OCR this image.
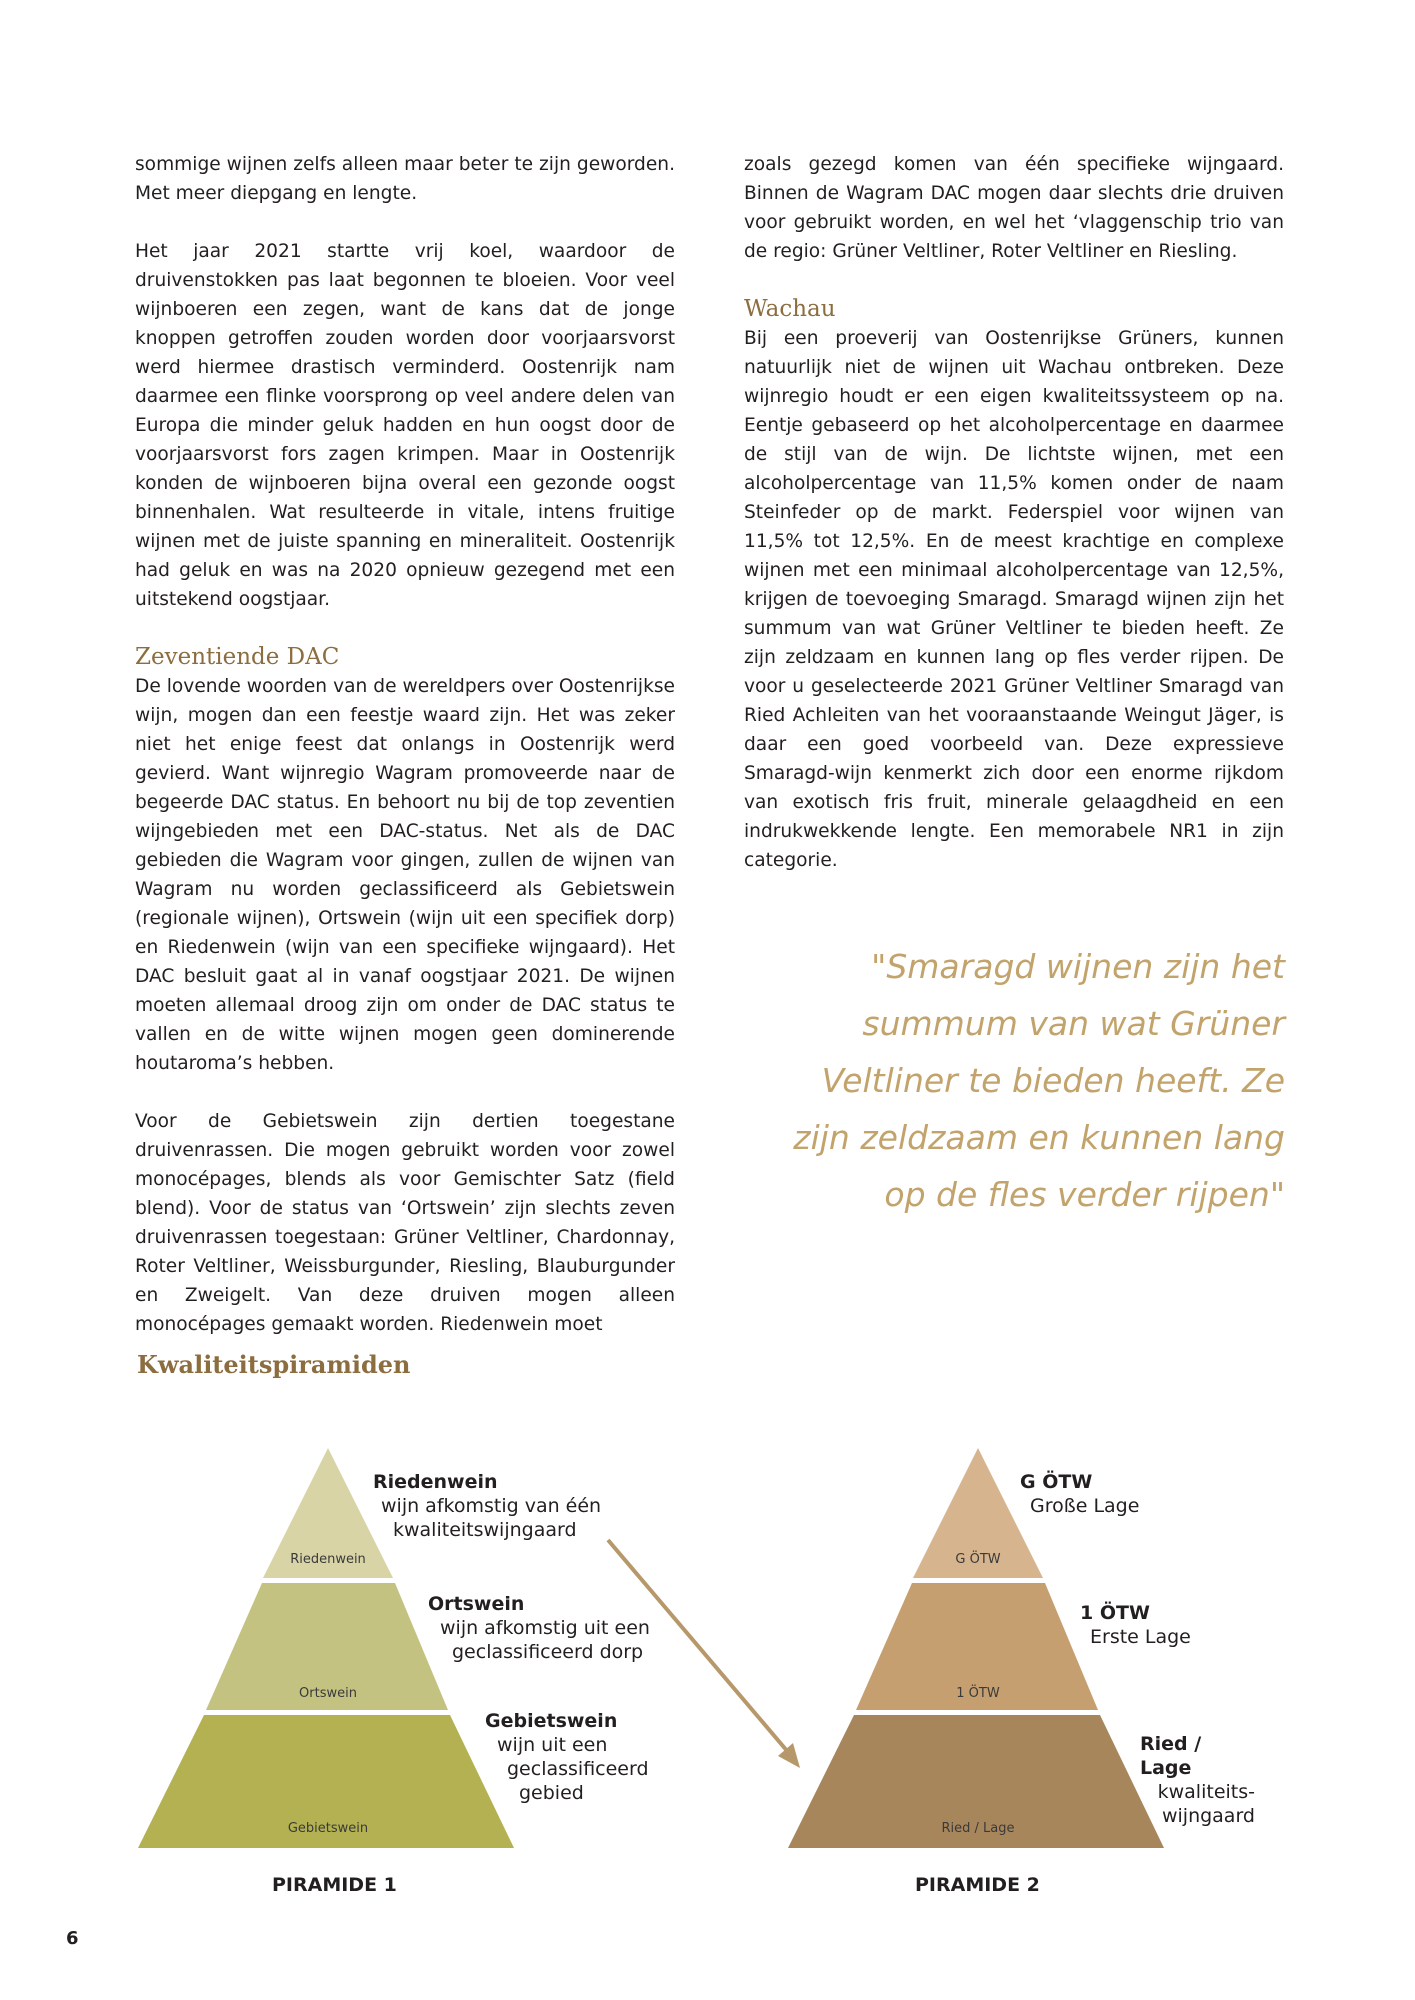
sommige wijnen zelfs alleen maar beter te zijn geworden. Met meer diepgang en lengte.

Het jaar 2021 startte vrij koel, waardoor de druivenstokken pas laat begonnen te bloeien. Voor veel wijnboeren een zegen, want de kans dat de jonge knoppen getroffen zouden worden door voorjaarsvorst werd hiermee drastisch verminderd. Oostenrijk nam daarmee een flinke voorsprong op veel andere delen van Europa die minder geluk hadden en hun oogst door de voorjaarsvorst fors zagen krimpen. Maar in Oostenrijk konden de wijnboeren bijna overal een gezonde oogst binnenhalen. Wat resulteerde in vitale, intens fruitige wijnen met de juiste spanning en mineraliteit. Oostenrijk had geluk en was na 2020 opnieuw gezegend met een uitstekend oogstjaar.

Zeventiende DAC

De lovende woorden van de wereldpers over Oostenrijkse wijn, mogen dan een feestje waard zijn. Het was zeker niet het enige feest dat onlangs in Oostenrijk werd gevierd. Want wijnregio Wagram promoveerde naar de begeerde DAC status. En behoort nu bij de top zeventien wijngebieden met een DAC-status. Net als de DAC gebieden die Wagram voor gingen, zullen de wijnen van Wagram nu worden geclassificeerd als Gebietswein (regionale wijnen), Ortswein (wijn uit een specifiek dorp) en Riedenwein (wijn van een specifieke wijngaard). Het DAC besluit gaat al in vanaf oogstjaar 2021. De wijnen moeten allemaal droog zijn om onder de DAC status te vallen en de witte wijnen mogen geen dominerende houtaroma’s hebben.

Voor de Gebietswein zijn dertien toegestane druivenrassen. Die mogen gebruikt worden voor zowel monocépages, blends als voor Gemischter Satz (field blend). Voor de status van ‘Ortswein’ zijn slechts zeven druivenrassen toegestaan: Grüner Veltliner, Chardonnay, Roter Veltliner, Weissburgunder, Riesling, Blauburgunder en Zweigelt. Van deze druiven mogen alleen monocépages gemaakt worden. Riedenwein moet

zoals gezegd komen van één specifieke wijngaard. Binnen de Wagram DAC mogen daar slechts drie druiven voor gebruikt worden, en wel het ‘vlaggenschip trio van de regio: Grüner Veltliner, Roter Veltliner en Riesling.

Wachau

Bij een proeverij van Oostenrijkse Grüners, kunnen natuurlijk niet de wijnen uit Wachau ontbreken. Deze wijnregio houdt er een eigen kwaliteitssysteem op na. Eentje gebaseerd op het alcoholpercentage en daarmee de stijl van de wijn. De lichtste wijnen, met een alcoholpercentage van 11,5% komen onder de naam Steinfeder op de markt. Federspiel voor wijnen van 11,5% tot 12,5%. En de meest krachtige en complexe wijnen met een minimaal alcoholpercentage van 12,5%, krijgen de toevoeging Smaragd. Smaragd wijnen zijn het summum van wat Grüner Veltliner te bieden heeft. Ze zijn zeldzaam en kunnen lang op fles verder rijpen. De voor u geselecteerde 2021 Grüner Veltliner Smaragd van Ried Achleiten van het vooraanstaande Weingut Jäger, is daar een goed voorbeeld van. Deze expressieve Smaragd-wijn kenmerkt zich door een enorme rijkdom van exotisch fris fruit, minerale gelaagdheid en een indrukwekkende lengte. Een memorabele NR1 in zijn categorie.

"Smaragd wijnen zijn het
summum van wat Grüner
Veltliner te bieden heeft. Ze
zijn zeldzaam en kunnen lang
op de fles verder rijpen"
Kwaliteitspiramiden
Riedenwein
Ortswein
Gebietswein
G ÖTW
1 ÖTW
Ried / Lage
Riedenwein
wijn afkomstig van één
kwaliteitswijngaard
Ortswein
wijn afkomstig uit een
geclassificeerd dorp
Gebietswein
wijn uit een
geclassificeerd
gebied
G ÖTW
Große Lage
1 ÖTW
Erste Lage
Ried / Lage
kwaliteits-
wijngaard
PIRAMIDE 1	PIRAMIDE 2
6
